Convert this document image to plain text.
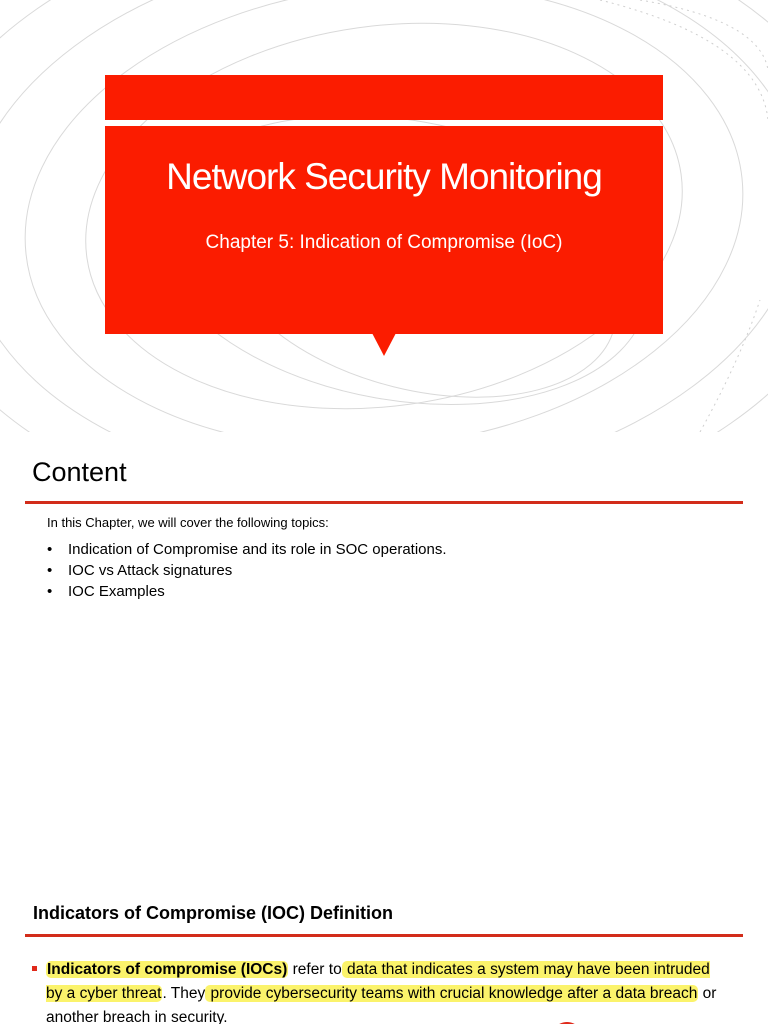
Network Security Monitoring
Chapter 5: Indication of Compromise (IoC)
Content
In this Chapter, we will cover the following topics:
• Indication of Compromise and its role in SOC operations.
• IOC vs Attack signatures
• IOC Examples
Indicators of Compromise (IOC) Definition
Indicators of compromise (IOCs) refer to data that indicates a system may have been intruded by a cyber threat. They provide cybersecurity teams with crucial knowledge after a data breach or another breach in security.
